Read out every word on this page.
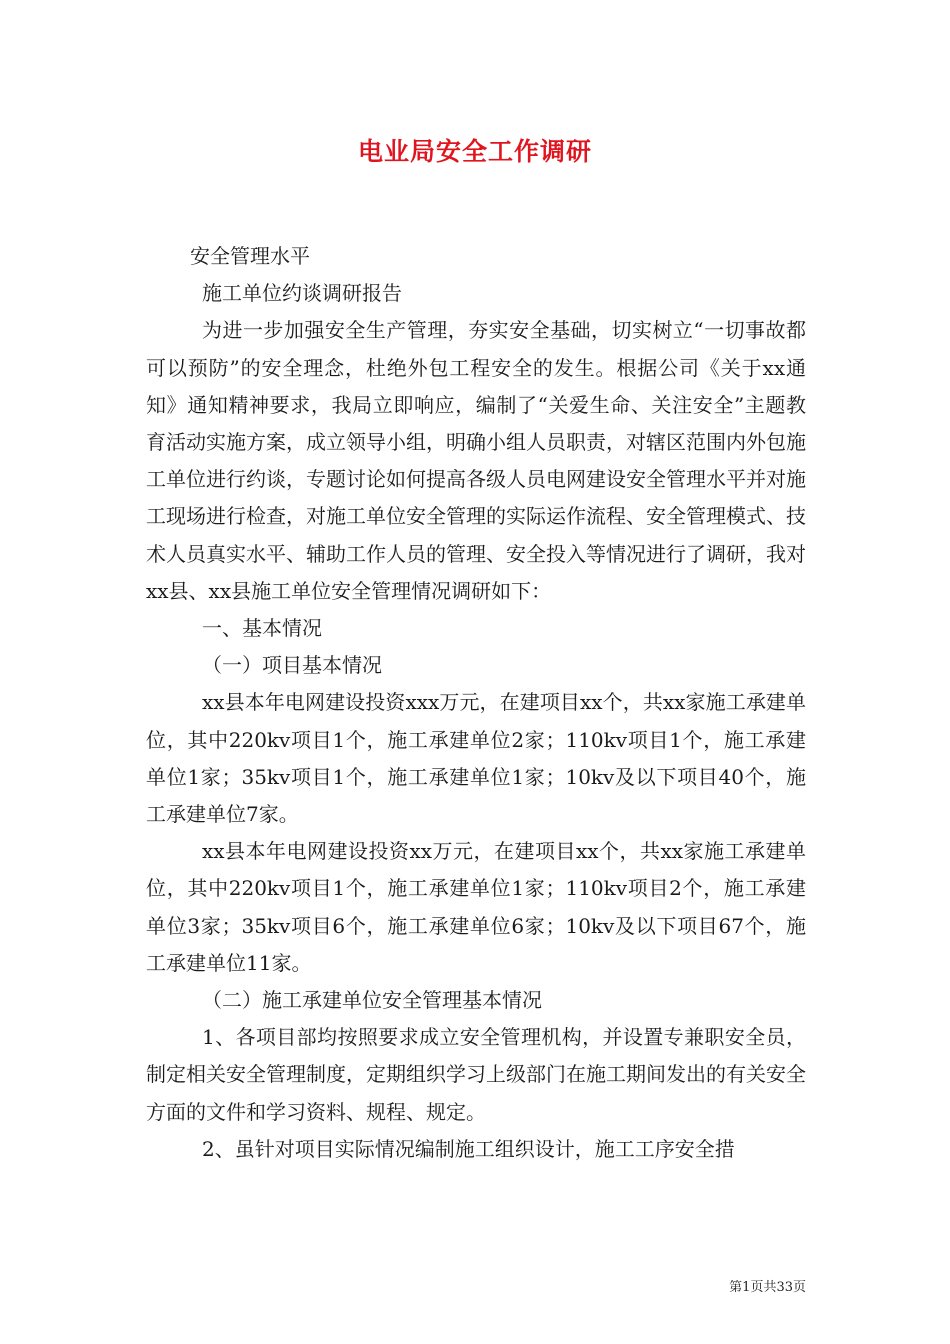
电业局安全工作调研

安全管理水平

施工单位约谈调研报告

为进一步加强安全生产管理，夯实安全基础，切实树立“一切事故都可以预防”的安全理念，杜绝外包工程安全的发生。根据公司《关于xx通知》通知精神要求，我局立即响应，编制了“关爱生命、关注安全”主题教育活动实施方案，成立领导小组，明确小组人员职责，对辖区范围内外包施工单位进行约谈，专题讨论如何提高各级人员电网建设安全管理水平并对施工现场进行检查，对施工单位安全管理的实际运作流程、安全管理模式、技术人员真实水平、辅助工作人员的管理、安全投入等情况进行了调研，我对xx县、xx县施工单位安全管理情况调研如下：

一、基本情况

（一）项目基本情况

xx县本年电网建设投资xxx万元，在建项目xx个，共xx家施工承建单位，其中220kv项目1个，施工承建单位2家；110kv项目1个，施工承建单位1家；35kv项目1个，施工承建单位1家；10kv及以下项目40个，施工承建单位7家。

xx县本年电网建设投资xx万元，在建项目xx个，共xx家施工承建单位，其中220kv项目1个，施工承建单位1家；110kv项目2个，施工承建单位3家；35kv项目6个，施工承建单位6家；10kv及以下项目67个，施工承建单位11家。

（二）施工承建单位安全管理基本情况

1、各项目部均按照要求成立安全管理机构，并设置专兼职安全员，制定相关安全管理制度，定期组织学习上级部门在施工期间发出的有关安全方面的文件和学习资料、规程、规定。

2、虽针对项目实际情况编制施工组织设计，施工工序安全措

第1页共33页
